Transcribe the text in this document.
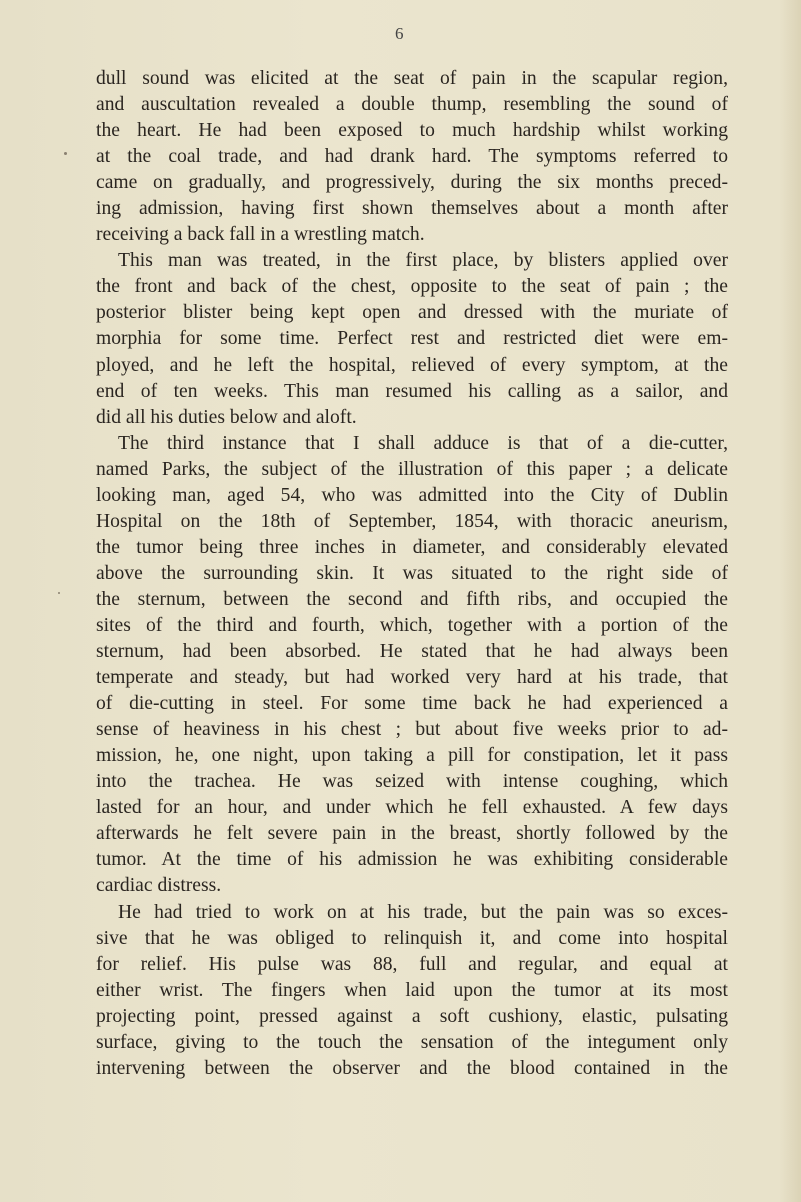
6
dull sound was elicited at the seat of pain in the scapular region,
and auscultation revealed a double thump, resembling the sound of
the heart. He had been exposed to much hardship whilst working
at the coal trade, and had drank hard. The symptoms referred to
came on gradually, and progressively, during the six months preced-
ing admission, having first shown themselves about a month after
receiving a back fall in a wrestling match.
This man was treated, in the first place, by blisters applied over
the front and back of the chest, opposite to the seat of pain ; the
posterior blister being kept open and dressed with the muriate of
morphia for some time. Perfect rest and restricted diet were em-
ployed, and he left the hospital, relieved of every symptom, at the
end of ten weeks. This man resumed his calling as a sailor, and
did all his duties below and aloft.
The third instance that I shall adduce is that of a die-cutter,
named Parks, the subject of the illustration of this paper ; a delicate
looking man, aged 54, who was admitted into the City of Dublin
Hospital on the 18th of September, 1854, with thoracic aneurism,
the tumor being three inches in diameter, and considerably elevated
above the surrounding skin. It was situated to the right side of
the sternum, between the second and fifth ribs, and occupied the
sites of the third and fourth, which, together with a portion of the
sternum, had been absorbed. He stated that he had always been
temperate and steady, but had worked very hard at his trade, that
of die-cutting in steel. For some time back he had experienced a
sense of heaviness in his chest ; but about five weeks prior to ad-
mission, he, one night, upon taking a pill for constipation, let it pass
into the trachea. He was seized with intense coughing, which
lasted for an hour, and under which he fell exhausted. A few days
afterwards he felt severe pain in the breast, shortly followed by the
tumor. At the time of his admission he was exhibiting considerable
cardiac distress.
He had tried to work on at his trade, but the pain was so exces-
sive that he was obliged to relinquish it, and come into hospital
for relief. His pulse was 88, full and regular, and equal at
either wrist. The fingers when laid upon the tumor at its most
projecting point, pressed against a soft cushiony, elastic, pulsating
surface, giving to the touch the sensation of the integument only
intervening between the observer and the blood contained in the
